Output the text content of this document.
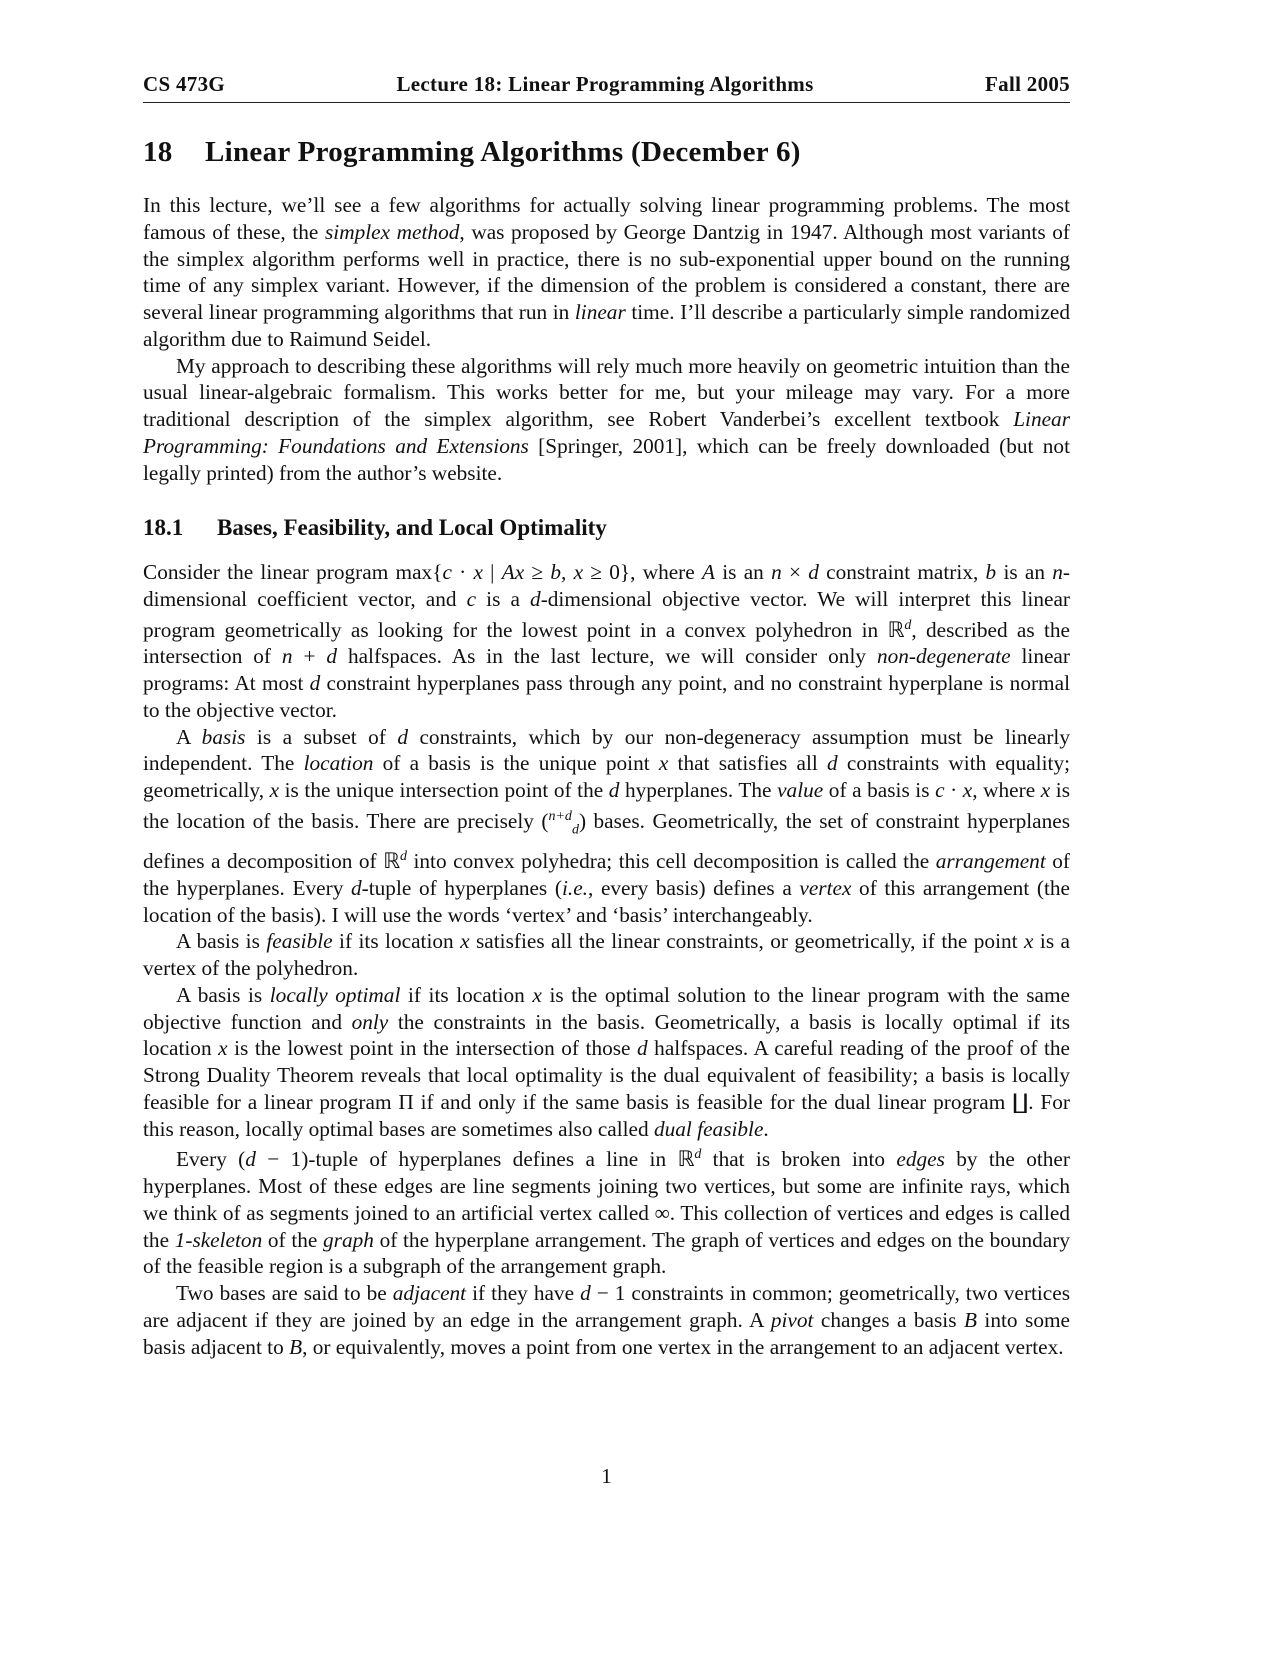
CS 473G	Lecture 18: Linear Programming Algorithms	Fall 2005
18 Linear Programming Algorithms (December 6)

In this lecture, we’ll see a few algorithms for actually solving linear programming problems. The most famous of these, the simplex method, was proposed by George Dantzig in 1947. Although most variants of the simplex algorithm performs well in practice, there is no sub-exponential upper bound on the running time of any simplex variant. However, if the dimension of the problem is considered a constant, there are several linear programming algorithms that run in linear time. I’ll describe a particularly simple randomized algorithm due to Raimund Seidel.

My approach to describing these algorithms will rely much more heavily on geometric intuition than the usual linear-algebraic formalism. This works better for me, but your mileage may vary. For a more traditional description of the simplex algorithm, see Robert Vanderbei’s excellent textbook Linear Programming: Foundations and Extensions [Springer, 2001], which can be freely downloaded (but not legally printed) from the author’s website.

18.1 Bases, Feasibility, and Local Optimality

Consider the linear program max{c · x | Ax ≥ b, x ≥ 0}, where A is an n × d constraint matrix, b is an n-dimensional coefficient vector, and c is a d-dimensional objective vector. We will interpret this linear program geometrically as looking for the lowest point in a convex polyhedron in ℝ$^d$, described as the intersection of n + d halfspaces. As in the last lecture, we will consider only non-degenerate linear programs: At most d constraint hyperplanes pass through any point, and no constraint hyperplane is normal to the objective vector.

A basis is a subset of d constraints, which by our non-degeneracy assumption must be linearly independent. The location of a basis is the unique point x that satisfies all d constraints with equality; geometrically, x is the unique intersection point of the d hyperplanes. The value of a basis is c · x, where x is the location of the basis. There are precisely ($^{n+d}_d$) bases. Geometrically, the set of constraint hyperplanes defines a decomposition of ℝ$^d$ into convex polyhedra; this cell decomposition is called the arrangement of the hyperplanes. Every d-tuple of hyperplanes (i.e., every basis) defines a vertex of this arrangement (the location of the basis). I will use the words ‘vertex’ and ‘basis’ interchangeably.

A basis is feasible if its location x satisfies all the linear constraints, or geometrically, if the point x is a vertex of the polyhedron.

A basis is locally optimal if its location x is the optimal solution to the linear program with the same objective function and only the constraints in the basis. Geometrically, a basis is locally optimal if its location x is the lowest point in the intersection of those d halfspaces. A careful reading of the proof of the Strong Duality Theorem reveals that local optimality is the dual equivalent of feasibility; a basis is locally feasible for a linear program Π if and only if the same basis is feasible for the dual linear program ∐. For this reason, locally optimal bases are sometimes also called dual feasible.

Every (d − 1)-tuple of hyperplanes defines a line in ℝ$^d$ that is broken into edges by the other hyperplanes. Most of these edges are line segments joining two vertices, but some are infinite rays, which we think of as segments joined to an artificial vertex called ∞. This collection of vertices and edges is called the 1-skeleton of the graph of the hyperplane arrangement. The graph of vertices and edges on the boundary of the feasible region is a subgraph of the arrangement graph.

Two bases are said to be adjacent if they have d − 1 constraints in common; geometrically, two vertices are adjacent if they are joined by an edge in the arrangement graph. A pivot changes a basis B into some basis adjacent to B, or equivalently, moves a point from one vertex in the arrangement to an adjacent vertex.

1
